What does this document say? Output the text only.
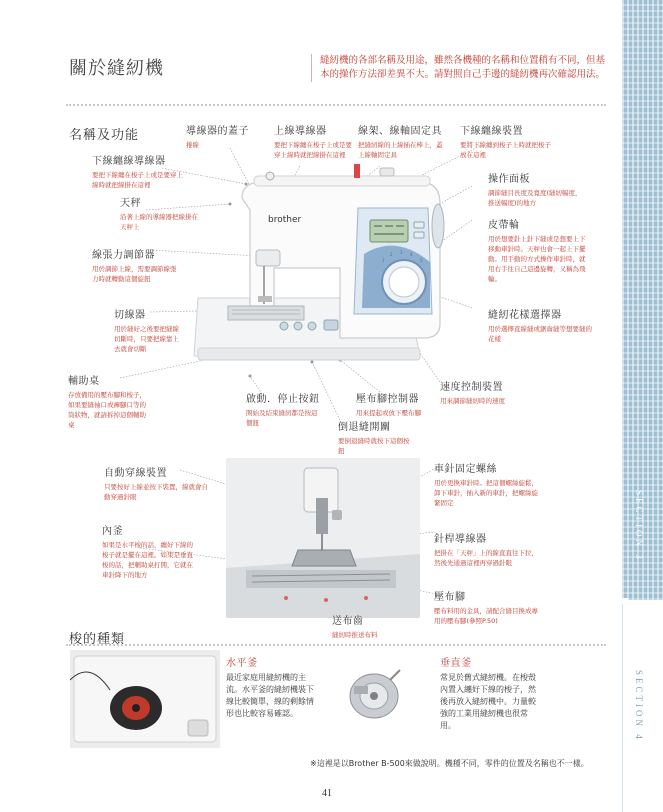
SECTION 3
SECTION 4
關於縫紉機	縫紉機的各部名稱及用途，雖然各機種的名稱和位置稍有不同，但基本的操作方法卻差異不大。請對照自己手邊的縫紉機再次確認用法。
名稱及功能
1
2 3 4
5
brother
導線器的蓋子
捲線
上線導線器
要把下線纏在梭子上或是要穿上線時就把線掛在這裡
線架、線軸固定具
把縫紉線的上線插在棒上，蓋上線軸固定具
下線纏線裝置
要將下線纏到梭子上時就把梭子放在這裡
下線纏線導線器
要把下線纏在梭子上或是要穿上線時就把線掛在這裡
天秤
沿著上線的導線器把線掛在天秤上
線張力調節器
用於調節上線，需要調節線張力時就轉動這個旋鈕
切線器
用於縫好之後要把縫線切斷時，只要把線靠上去就會切斷
輔助桌
存放備用的壓布腳和梭子，如果要縫袖口或褲腳口等的筒狀物，就請拆掉這個輔助桌
操作面板
調節縫目長度及寬度(縫紉幅度，推送幅度)的地方
皮帶輪
用於想要針上針下縫或是想要上下移動車針時。天秤也會一起上下擺動。用手動的方式操作車針時，就用右手往自己這邊旋轉，又稱為飛輪。
縫紉花樣選擇器
用於選擇直線縫或鋸齒縫等想要縫的花樣
啟動．停止按鈕
開始及結束縫紉都是按這個鈕
壓布腳控制器
用來提起或放下壓布腳
速度控制裝置
用來調節縫紉時的速度
倒退縫開關
要倒退縫時就按下這個按鈕
自動穿線裝置
只要按好上線並按下裝置，線就會自動穿過針眼
內釜
如果是水平梭的話，纏好下線的梭子就是擺在這裡。如果是垂直梭的話，把輔助桌打開，它就在車針降下的地方
車針固定螺絲
用於更換車針時。把這個螺絲旋鬆，卸下車針，插入新的車針，把螺絲旋緊固定
針桿導線器
把掛在「天秤」上的線直直往下拉，然後先通過這裡再穿過針眼
壓布腳
壓布料用的金具，請配合縫目換成專用的壓布腳(參照P.50)
送布齒
縫紉時推送布料
梭的種類
水平釜
最近家庭用縫紉機的主流。水平釜的縫紉機裝下線比較簡單，線的剩餘情形也比較容易確認。
垂直釜
常見於舊式縫紉機。在梭殼內置入纏好下線的梭子，然後再放入縫紉機中。力量較強的工業用縫紉機也很常用。
※這裡是以Brother B-500來做說明。機種不同，零件的位置及名稱也不一樣。
41
